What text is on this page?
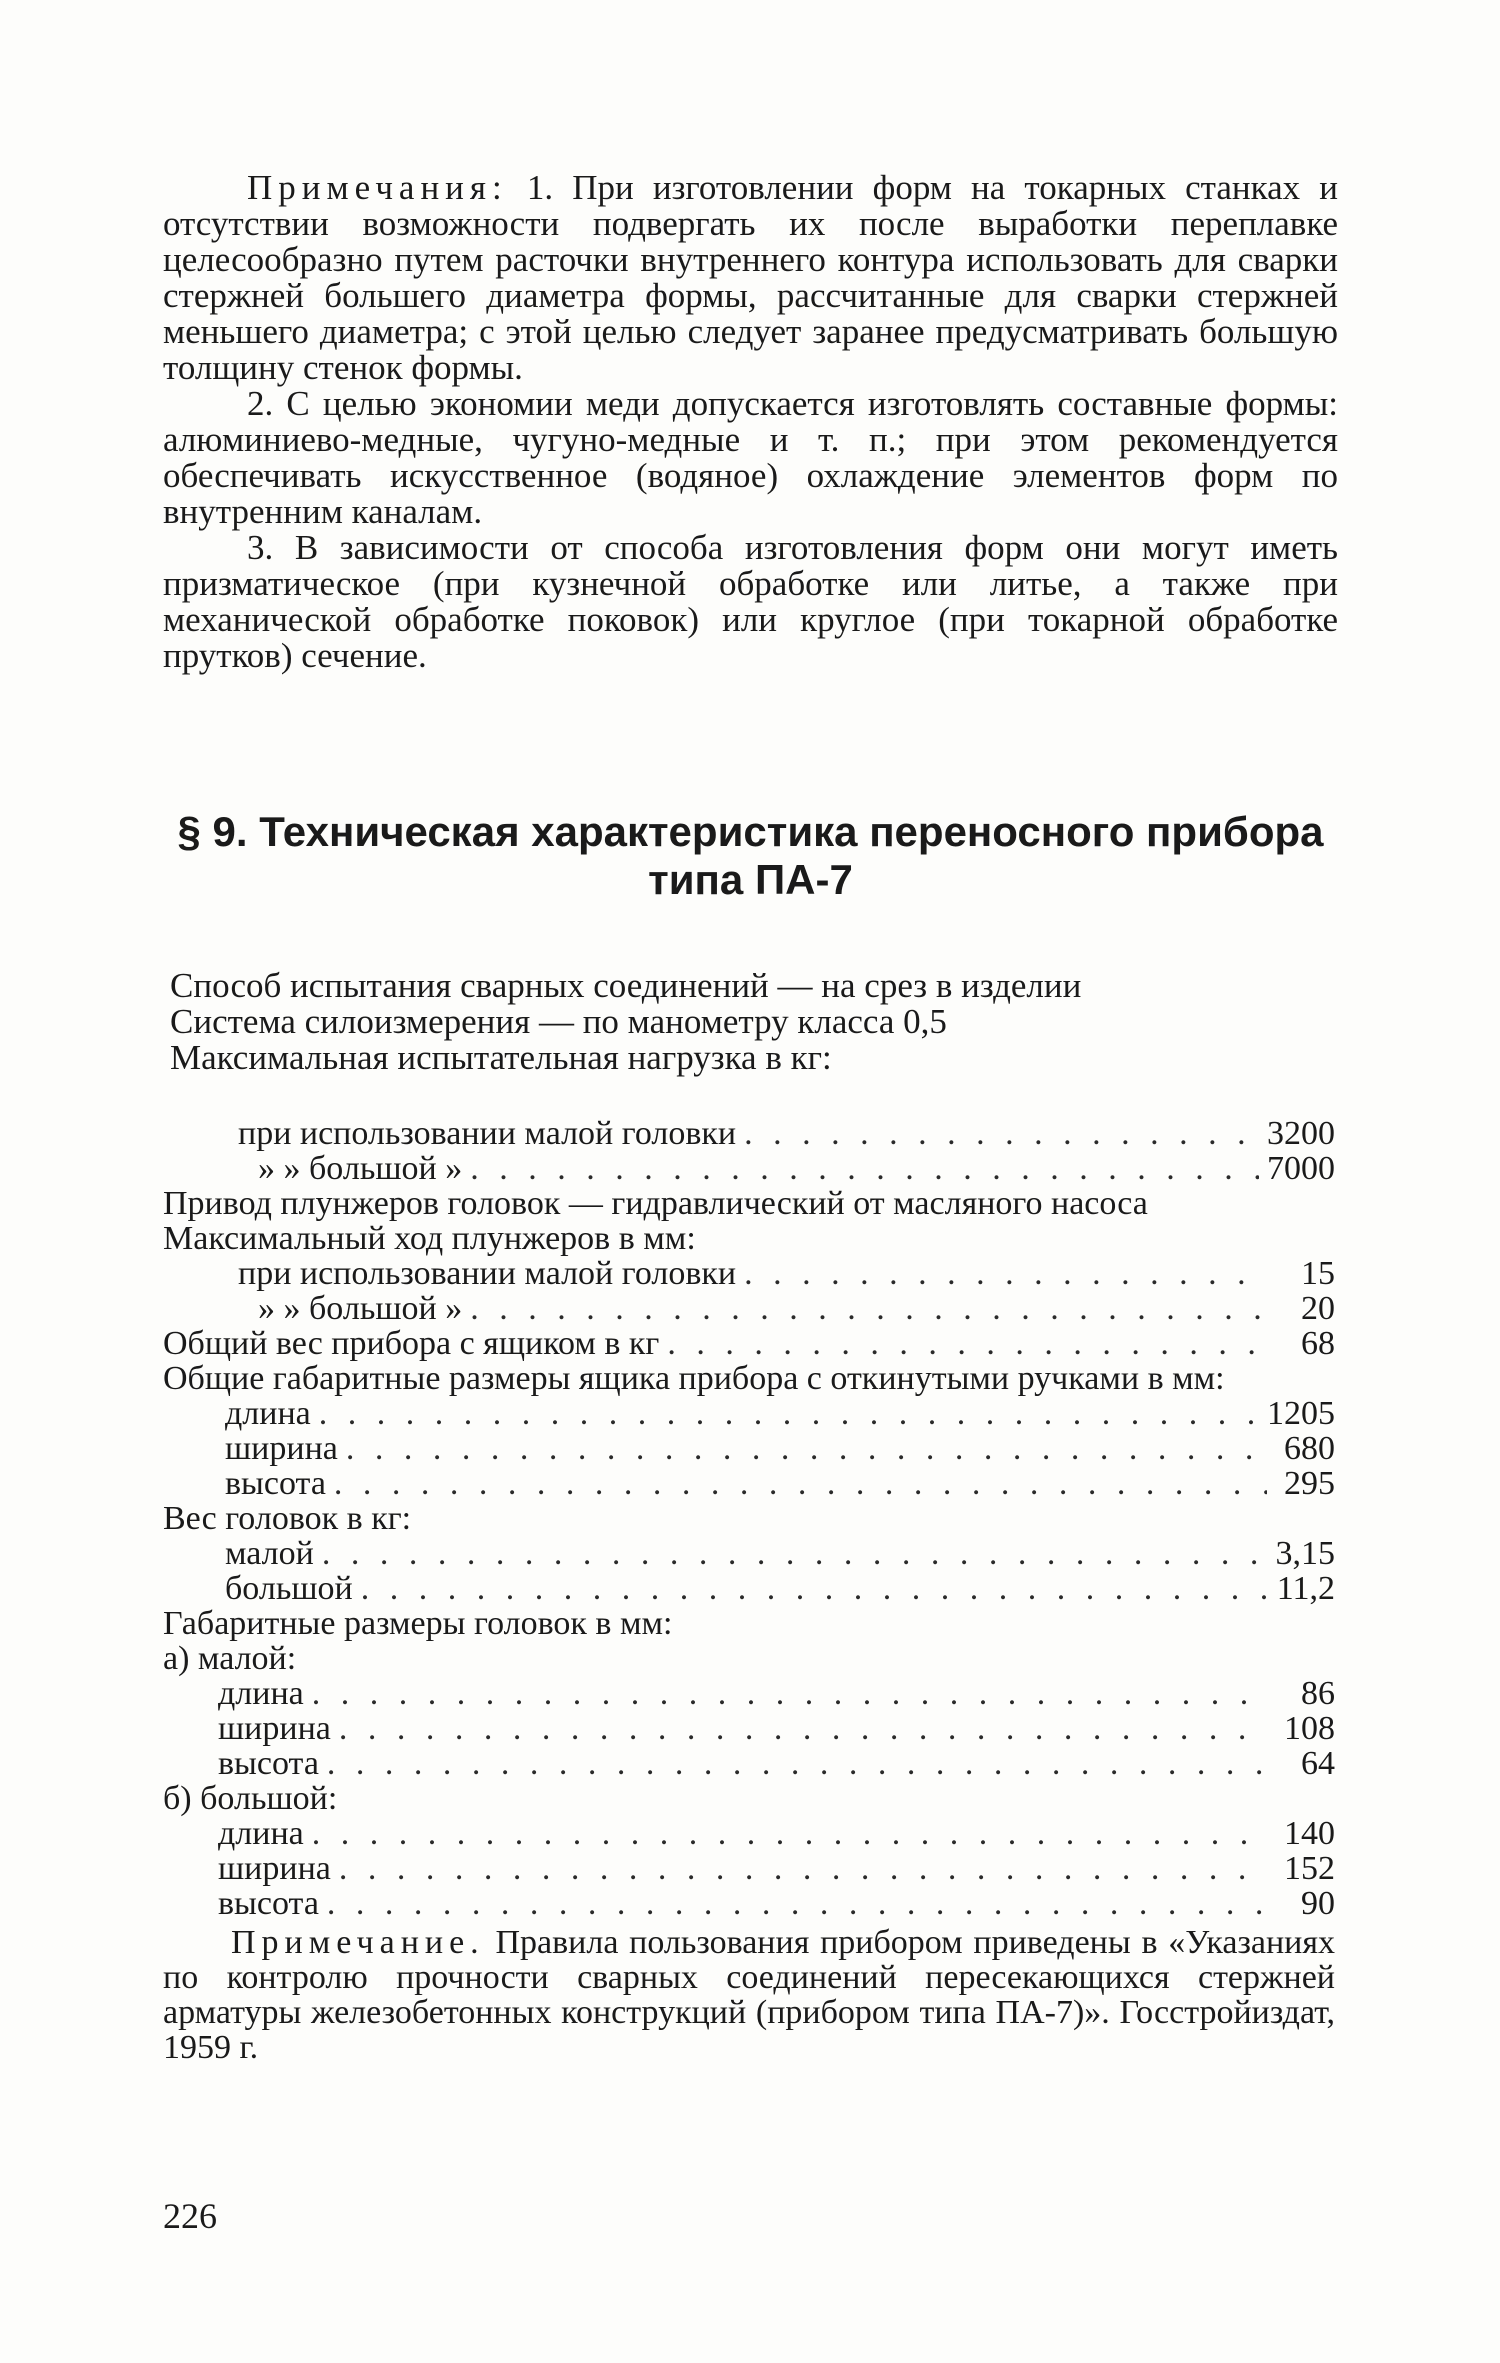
Примечания: 1. При изготовлении форм на токарных станках и отсутствии возможности подвергать их после выработки переплавке целесообразно путем расточки внутреннего контура использовать для сварки стержней большего диаметра формы, рассчитанные для сварки стержней меньшего диаметра; с этой целью следует заранее предусматривать большую толщину стенок формы.

2. С целью экономии меди допускается изготовлять составные формы: алюминиево-медные, чугуно-медные и т. п.; при этом рекомендуется обеспечивать искусственное (водяное) охлаждение элементов форм по внутренним каналам.

3. В зависимости от способа изготовления форм они могут иметь призматическое (при кузнечной обработке или литье, а также при механической обработке поковок) или круглое (при токарной обработке прутков) сечение.

§ 9. Техническая характеристика переносного прибора
типа ПА-7
Способ испытания сварных соединений — на срез в изделии
Система силоизмерения — по манометру класса 0,5
Максимальная испытательная нагрузка в кг:
при использовании малой головки . . .	3200
» » большой » . . .	7000
Привод плунжеров головок — гидравлический от масляного насоса
Максимальный ход плунжеров в мм:
при использовании малой головки . . .	15
» » большой » . . .	20
Общий вес прибора с ящиком в кг . . .	68
Общие габаритные размеры ящика прибора с откинутыми ручками в мм:
длина . . .	1205
ширина . . .	680
высота . . .	295
Вес головок в кг:
малой . . .	3,15
большой . . .	11,2
Габаритные размеры головок в мм:
а) малой:
длина . . .	86
ширина . . .	108
высота . . .	64
б) большой:
длина . . .	140
ширина . . .	152
высота . . .	90
Примечание. Правила пользования прибором приведены в «Указаниях по контролю прочности сварных соединений пересекающихся стержней арматуры железобетонных конструкций (прибором типа ПА-7)». Госстройиздат, 1959 г.
226
